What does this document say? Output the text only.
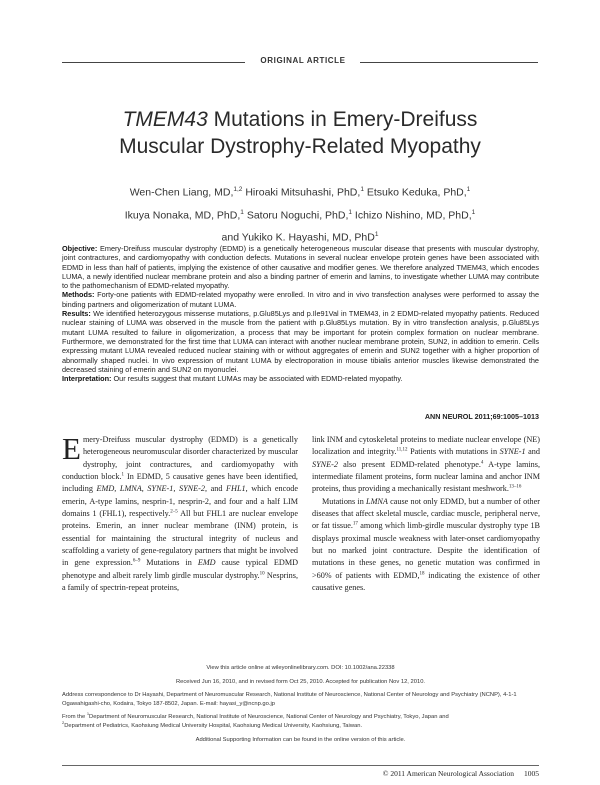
ORIGINAL ARTICLE
TMEM43 Mutations in Emery-Dreifuss
Muscular Dystrophy-Related Myopathy
Wen-Chen Liang, MD,$^{1,2}$ Hiroaki Mitsuhashi, PhD,$^1$ Etsuko Keduka, PhD,$^1$
Ikuya Nonaka, MD, PhD,$^1$ Satoru Noguchi, PhD,$^1$ Ichizo Nishino, MD, PhD,$^1$
and Yukiko K. Hayashi, MD, PhD$^1$

Objective: Emery-Dreifuss muscular dystrophy (EDMD) is a genetically heterogeneous muscular disease that presents with muscular dystrophy, joint contractures, and cardiomyopathy with conduction defects. Mutations in several nuclear envelope protein genes have been associated with EDMD in less than half of patients, implying the existence of other causative and modifier genes. We therefore analyzed TMEM43, which encodes LUMA, a newly identified nuclear membrane protein and also a binding partner of emerin and lamins, to investigate whether LUMA may contribute to the pathomechanism of EDMD-related myopathy.

Methods: Forty-one patients with EDMD-related myopathy were enrolled. In vitro and in vivo transfection analyses were performed to assay the binding partners and oligomerization of mutant LUMA.

Results: We identified heterozygous missense mutations, p.Glu85Lys and p.Ile91Val in TMEM43, in 2 EDMD-related myopathy patients. Reduced nuclear staining of LUMA was observed in the muscle from the patient with p.Glu85Lys mutation. By in vitro transfection analysis, p.Glu85Lys mutant LUMA resulted to failure in oligomerization, a process that may be important for protein complex formation on nuclear membrane. Furthermore, we demonstrated for the first time that LUMA can interact with another nuclear membrane protein, SUN2, in addition to emerin. Cells expressing mutant LUMA revealed reduced nuclear staining with or without aggregates of emerin and SUN2 together with a higher proportion of abnormally shaped nuclei. In vivo expression of mutant LUMA by electroporation in mouse tibialis anterior muscles likewise demonstrated the decreased staining of emerin and SUN2 on myonuclei.

Interpretation: Our results suggest that mutant LUMAs may be associated with EDMD-related myopathy.

ANN NEUROL 2011;69:1005–1013

Emery-Dreifuss muscular dystrophy (EDMD) is a genetically heterogeneous neuromuscular disorder characterized by muscular dystrophy, joint contractures, and cardiomyopathy with conduction block.$^1$ In EDMD, 5 causative genes have been identified, including EMD, LMNA, SYNE-1, SYNE-2, and FHL1, which encode emerin, A-type lamins, nesprin-1, nesprin-2, and four and a half LIM domains 1 (FHL1), respectively.$^{2-5}$ All but FHL1 are nuclear envelope proteins. Emerin, an inner nuclear membrane (INM) protein, is essential for maintaining the structural integrity of nucleus and scaffolding a variety of gene-regulatory partners that might be involved in gene expression.$^{6-9}$ Mutations in EMD cause typical EDMD phenotype and albeit rarely limb girdle muscular dystrophy.$^{10}$ Nesprins, a family of spectrin-repeat proteins,

link INM and cytoskeletal proteins to mediate nuclear envelope (NE) localization and integrity.$^{11,12}$ Patients with mutations in SYNE-1 and SYNE-2 also present EDMD-related phenotype.$^4$ A-type lamins, intermediate filament proteins, form nuclear lamina and anchor INM proteins, thus providing a mechanically resistant meshwork.$^{13-16}$

Mutations in LMNA cause not only EDMD, but a number of other diseases that affect skeletal muscle, cardiac muscle, peripheral nerve, or fat tissue.$^{17}$ among which limb-girdle muscular dystrophy type 1B displays proximal muscle weakness with later-onset cardiomyopathy but no marked joint contracture. Despite the identification of mutations in these genes, no genetic mutation was confirmed in >60% of patients with EDMD,$^{18}$ indicating the existence of other causative genes.

View this article online at wileyonlinelibrary.com. DOI: 10.1002/ana.22338

Received Jun 16, 2010, and in revised form Oct 25, 2010. Accepted for publication Nov 12, 2010.

Address correspondence to Dr Hayashi, Department of Neuromuscular Research, National Institute of Neuroscience, National Center of Neurology and Psychiatry (NCNP), 4-1-1 Ogawahigashi-cho, Kodaira, Tokyo 187-8502, Japan. E-mail: hayasi_y@ncnp.go.jp

From the $^1$Department of Neuromuscular Research, National Institute of Neuroscience, National Center of Neurology and Psychiatry, Tokyo, Japan and
$^2$Department of Pediatrics, Kaohsiung Medical University Hospital, Kaohsiung Medical University, Kaohsiung, Taiwan.

Additional Supporting Information can be found in the online version of this article.

© 2011 American Neurological Association 1005
